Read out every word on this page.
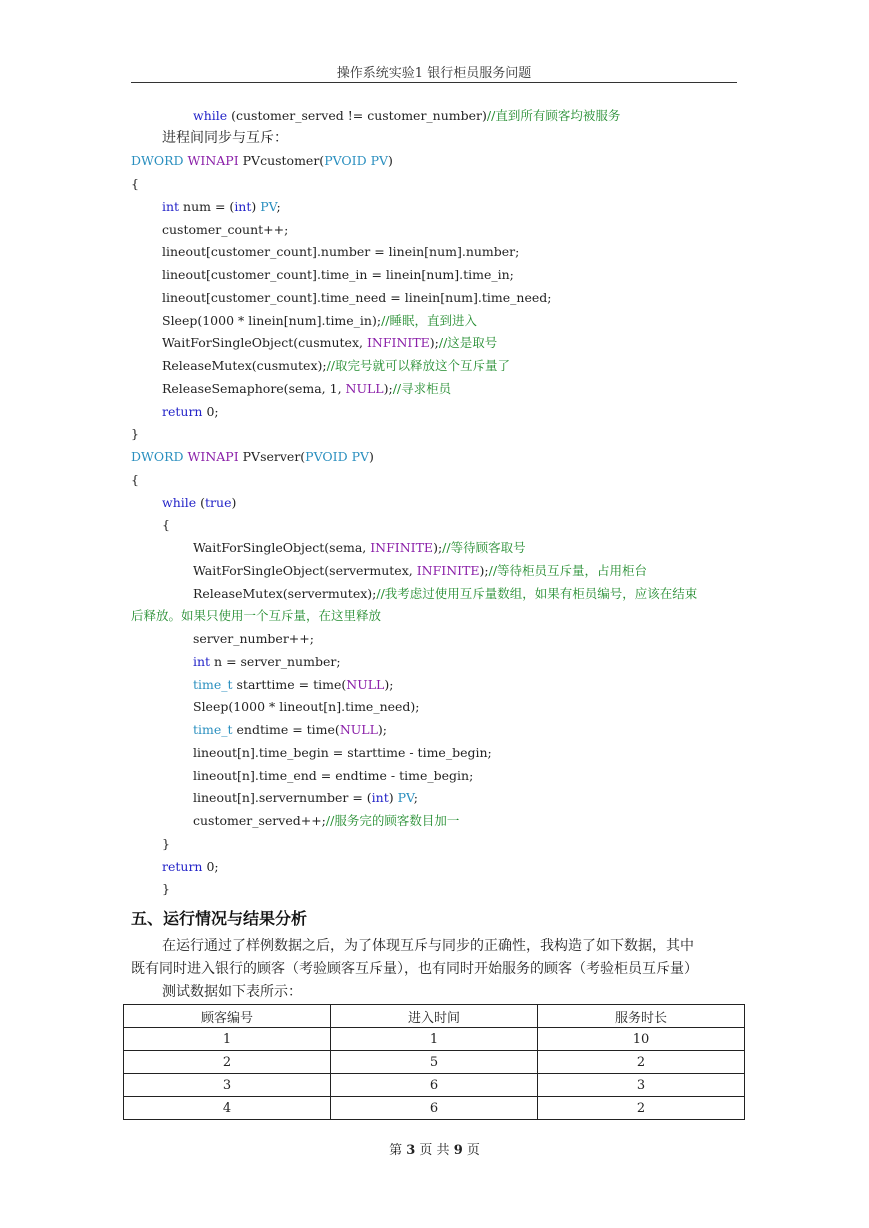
操作系统实验1 银行柜员服务问题
while (customer_served != customer_number)//直到所有顾客均被服务
进程间同步与互斥：
DWORD WINAPI PVcustomer(PVOID PV)
{
int num = (int) PV;
customer_count++;
lineout[customer_count].number = linein[num].number;
lineout[customer_count].time_in = linein[num].time_in;
lineout[customer_count].time_need = linein[num].time_need;
Sleep(1000 * linein[num].time_in);//睡眠，直到进入
WaitForSingleObject(cusmutex, INFINITE);//这是取号
ReleaseMutex(cusmutex);//取完号就可以释放这个互斥量了
ReleaseSemaphore(sema, 1, NULL);//寻求柜员
return 0;
}
DWORD WINAPI PVserver(PVOID PV)
{
while (true)
{
WaitForSingleObject(sema, INFINITE);//等待顾客取号
WaitForSingleObject(servermutex, INFINITE);//等待柜员互斥量，占用柜台
ReleaseMutex(servermutex);//我考虑过使用互斥量数组，如果有柜员编号，应该在结束
后释放。如果只使用一个互斥量，在这里释放
server_number++;
int n = server_number;
time_t starttime = time(NULL);
Sleep(1000 * lineout[n].time_need);
time_t endtime = time(NULL);
lineout[n].time_begin = starttime - time_begin;
lineout[n].time_end = endtime - time_begin;
lineout[n].servernumber = (int) PV;
customer_served++;//服务完的顾客数目加一
}
return 0;
}
五、运行情况与结果分析
在运行通过了样例数据之后，为了体现互斥与同步的正确性，我构造了如下数据，其中
既有同时进入银行的顾客（考验顾客互斥量），也有同时开始服务的顾客（考验柜员互斥量）
测试数据如下表所示：
顾客编号	进入时间	服务时长
1	1	10
2	5	2
3	6	3
4	6	2
第 3 页 共 9 页
